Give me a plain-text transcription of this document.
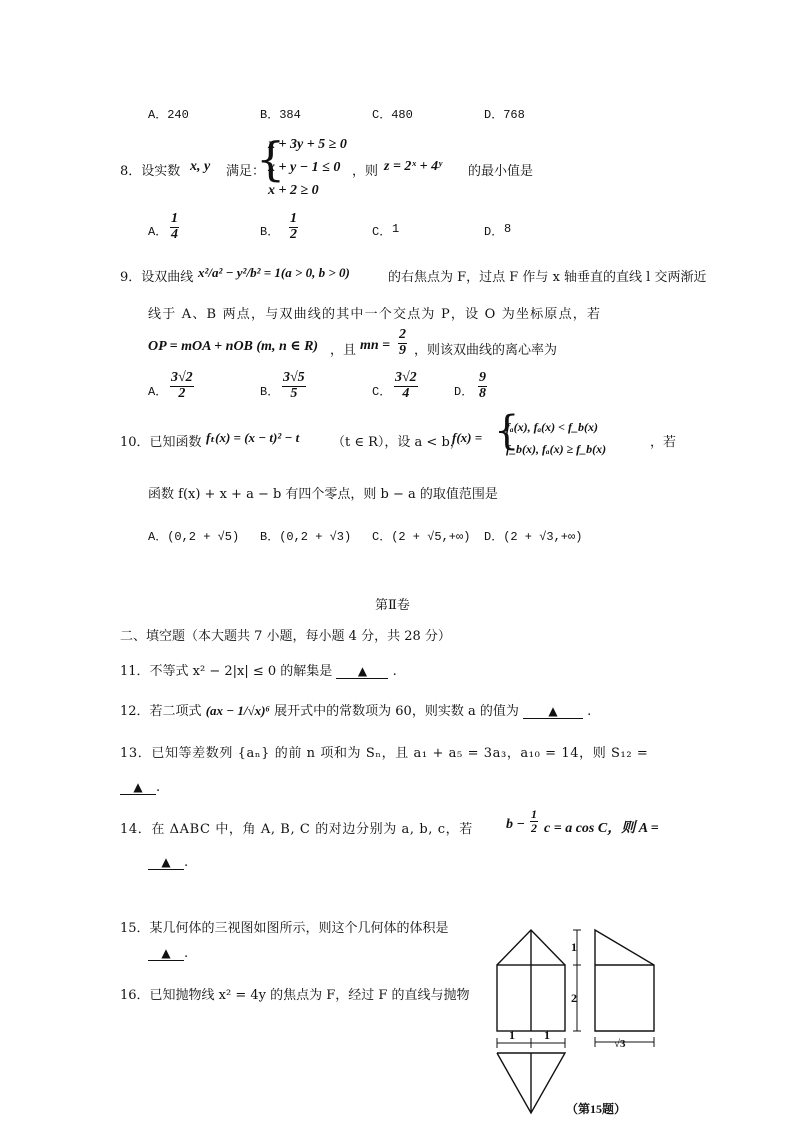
A．240	B．384	C．480	D．768
8．设实数 x, y 满足：
{
x + 3y + 5 ≥ 0
x + y − 1 ≤ 0
x + 2 ≥ 0
，则 z = 2ˣ + 4ʸ 的最小值是
A． $\frac{1}{4}$	B． $\frac{1}{2}$	C． 1	D． 8
9．设双曲线 x²/a² − y²/b² = 1(a > 0, b > 0)	的右焦点为 F，过点 F 作与 x 轴垂直的直线 l 交两渐近
线于 A、B 两点，与双曲线的其中一个交点为 P，设 O 为坐标原点，若
OP = mOA + nOB (m, n ∈ R) ，且 mn = $\frac{2}{9}$ ，则该双曲线的离心率为
A． $\frac{3√2}{2}$	B． $\frac{3√5}{5}$	C． $\frac{3√2}{4}$	D． $\frac{9}{8}$
10．已知函数 fₜ(x) = (x − t)² − t	（t ∈ R），设 a < b，
f(x) = {
fₐ(x), fₐ(x) < f_b(x)
f_b(x), fₐ(x) ≥ f_b(x)	，若
函数 f(x) + x + a − b 有四个零点，则 b − a 的取值范围是
A．(0,2 + √5) B．(0,2 + √3) C．(2 + √5,+∞) D．(2 + √3,+∞)
第Ⅱ卷
二、填空题（本大题共 7 小题，每小题 4 分，共 28 分）
11．不等式 x² − 2|x| ≤ 0 的解集是 ▲ .
12．若二项式 (ax − 1/√x)⁶ 展开式中的常数项为 60，则实数 a 的值为 ▲ .
13．已知等差数列 {aₙ} 的前 n 项和为 Sₙ，且 a₁ + a₅ = 3a₃，a₁₀ = 14，则 S₁₂ =
▲ .
14．在 ΔABC 中，角 A, B, C 的对边分别为 a, b, c，若 $b - \frac{1}{2}$ c = a cos C，则 A =
▲ .
15．某几何体的三视图如图所示，则这个几何体的体积是
▲ .
16．已知抛物线 x² = 4y 的焦点为 F，经过 F 的直线与抛物
1
2
1 1
√3
（第15题）
